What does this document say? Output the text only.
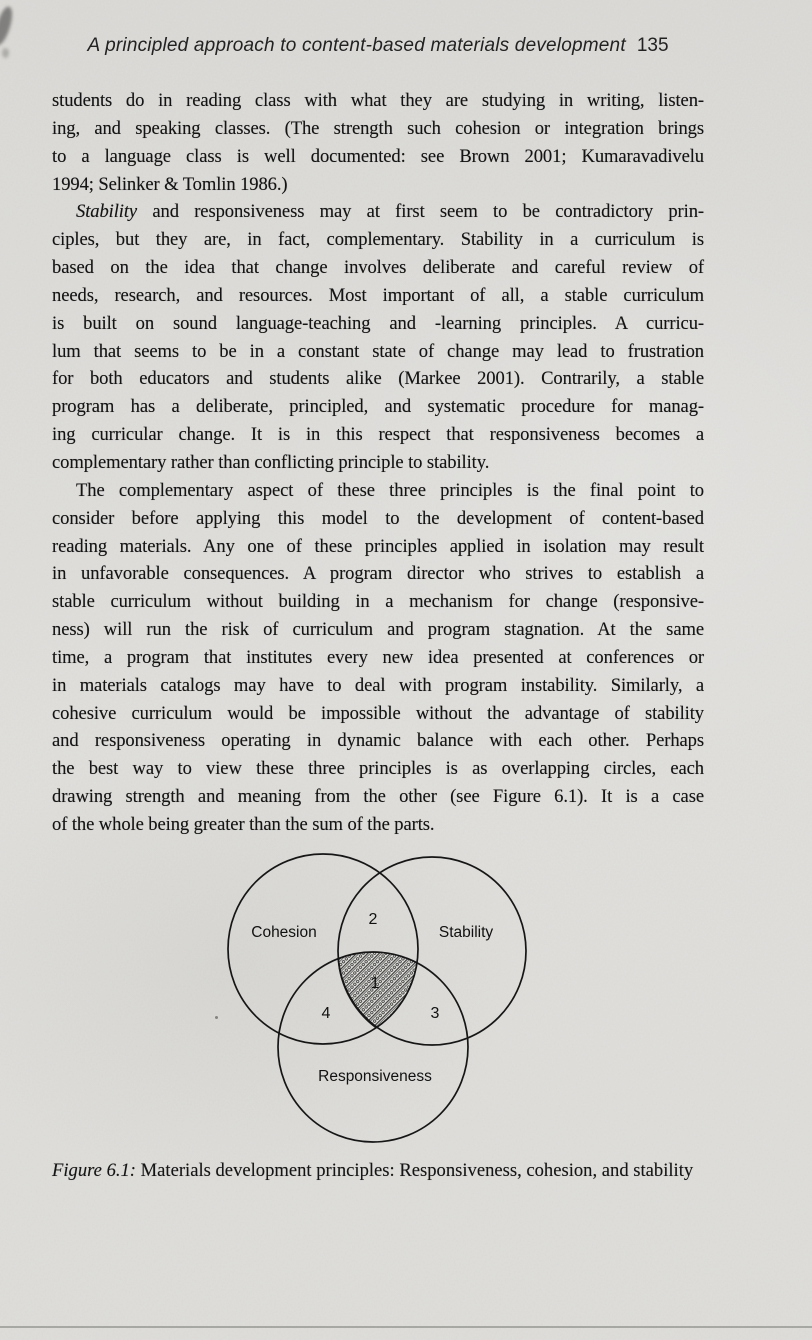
A principled approach to content-based materials development 135
students do in reading class with what they are studying in writing, listen-
ing, and speaking classes. (The strength such cohesion or integration brings
to a language class is well documented: see Brown 2001; Kumaravadivelu
1994; Selinker & Tomlin 1986.)
Stability and responsiveness may at first seem to be contradictory prin-
ciples, but they are, in fact, complementary. Stability in a curriculum is
based on the idea that change involves deliberate and careful review of
needs, research, and resources. Most important of all, a stable curriculum
is built on sound language-teaching and -learning principles. A curricu-
lum that seems to be in a constant state of change may lead to frustration
for both educators and students alike (Markee 2001). Contrarily, a stable
program has a deliberate, principled, and systematic procedure for manag-
ing curricular change. It is in this respect that responsiveness becomes a
complementary rather than conflicting principle to stability.
The complementary aspect of these three principles is the final point to
consider before applying this model to the development of content-based
reading materials. Any one of these principles applied in isolation may result
in unfavorable consequences. A program director who strives to establish a
stable curriculum without building in a mechanism for change (responsive-
ness) will run the risk of curriculum and program stagnation. At the same
time, a program that institutes every new idea presented at conferences or
in materials catalogs may have to deal with program instability. Similarly, a
cohesive curriculum would be impossible without the advantage of stability
and responsiveness operating in dynamic balance with each other. Perhaps
the best way to view these three principles is as overlapping circles, each
drawing strength and meaning from the other (see Figure 6.1). It is a case
of the whole being greater than the sum of the parts.
Cohesion	Stability
Responsiveness
1
2
3
4
Figure 6.1: Materials development principles: Responsiveness, cohesion, and stability
